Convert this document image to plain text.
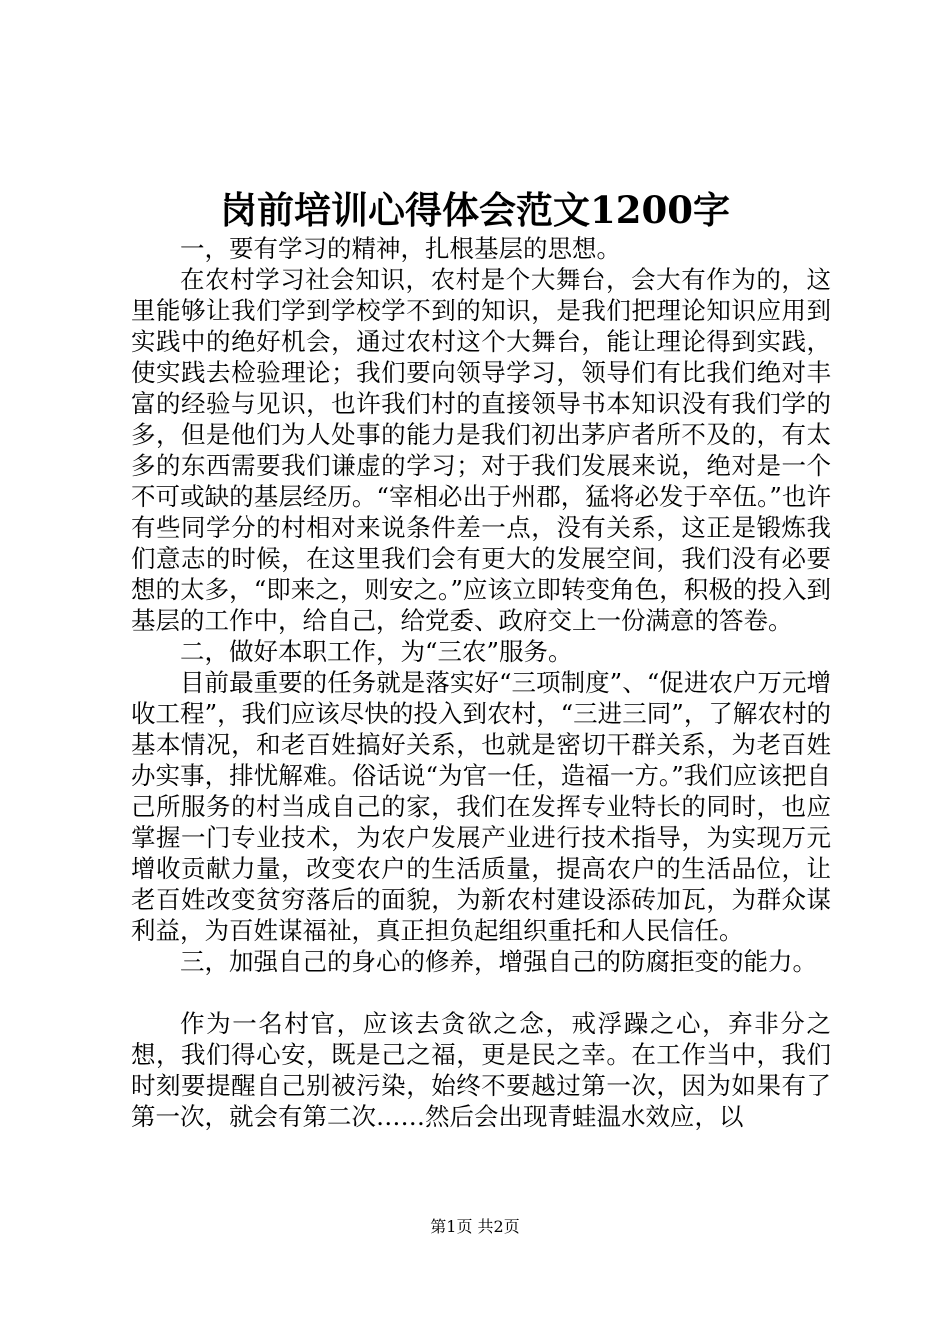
岗前培训心得体会范文1200字

一，要有学习的精神，扎根基层的思想。

在农村学习社会知识，农村是个大舞台，会大有作为的，这里能够让我们学到学校学不到的知识，是我们把理论知识应用到实践中的绝好机会，通过农村这个大舞台，能让理论得到实践，使实践去检验理论；我们要向领导学习，领导们有比我们绝对丰富的经验与见识，也许我们村的直接领导书本知识没有我们学的多，但是他们为人处事的能力是我们初出茅庐者所不及的，有太多的东西需要我们谦虚的学习；对于我们发展来说，绝对是一个不可或缺的基层经历。“宰相必出于州郡，猛将必发于卒伍。”也许有些同学分的村相对来说条件差一点，没有关系，这正是锻炼我们意志的时候，在这里我们会有更大的发展空间，我们没有必要想的太多，“即来之，则安之。”应该立即转变角色，积极的投入到基层的工作中，给自己，给党委、政府交上一份满意的答卷。

二，做好本职工作，为“三农”服务。

目前最重要的任务就是落实好“三项制度”、“促进农户万元增收工程”，我们应该尽快的投入到农村，“三进三同”，了解农村的基本情况，和老百姓搞好关系，也就是密切干群关系，为老百姓办实事，排忧解难。俗话说“为官一任，造福一方。”我们应该把自己所服务的村当成自己的家，我们在发挥专业特长的同时，也应掌握一门专业技术，为农户发展产业进行技术指导，为实现万元增收贡献力量，改变农户的生活质量，提高农户的生活品位，让老百姓改变贫穷落后的面貌，为新农村建设添砖加瓦，为群众谋利益，为百姓谋福祉，真正担负起组织重托和人民信任。

三，加强自己的身心的修养，增强自己的防腐拒变的能力。

作为一名村官，应该去贪欲之念，戒浮躁之心，弃非分之想，我们得心安，既是己之福，更是民之幸。在工作当中，我们时刻要提醒自己别被污染，始终不要越过第一次，因为如果有了第一次，就会有第二次……然后会出现青蛙温水效应，以

第1页 共2页
